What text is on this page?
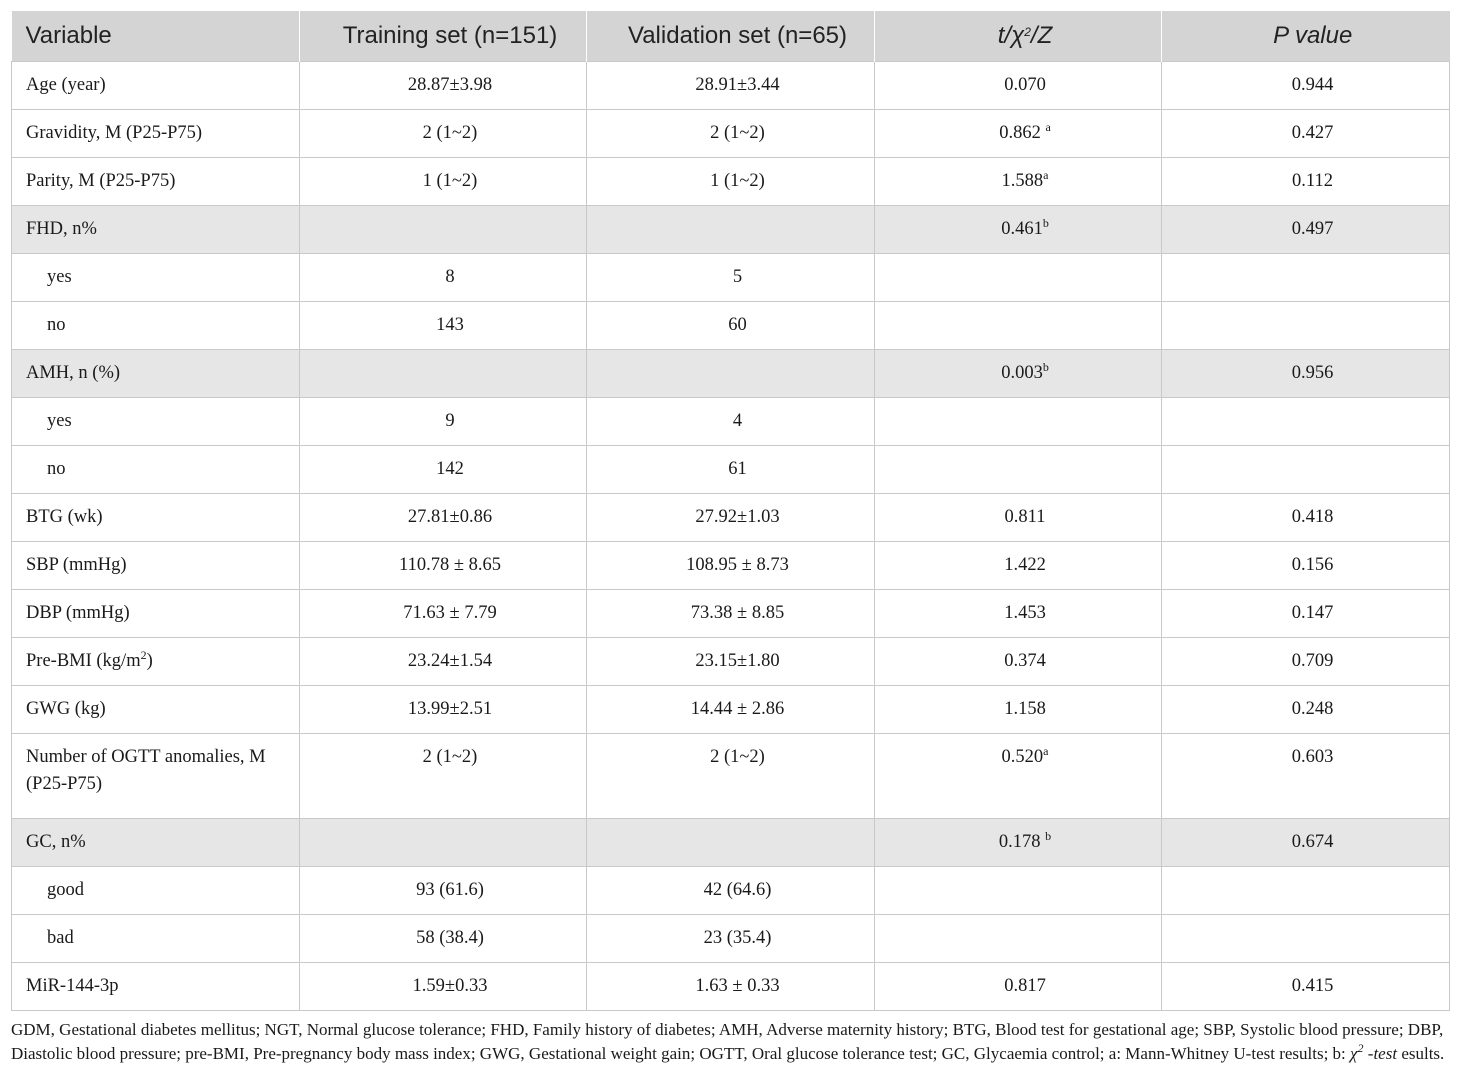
Variable	Training set (n=151)	Validation set (n=65)	$t/\chi^2/Z$	P value
Age (year)	28.87±3.98	28.91±3.44	0.070	0.944
Gravidity, M (P25-P75)	2 (1~2)	2 (1~2)	0.862 $^a$	0.427
Parity, M (P25-P75)	1 (1~2)	1 (1~2)	1.588$^a$	0.112
FHD, n%			0.461$^b$	0.497
yes	8	5		
no	143	60		
AMH, n (%)			0.003$^b$	0.956
yes	9	4		
no	142	61		
BTG (wk)	27.81±0.86	27.92±1.03	0.811	0.418
SBP (mmHg)	110.78 ± 8.65	108.95 ± 8.73	1.422	0.156
DBP (mmHg)	71.63 ± 7.79	73.38 ± 8.85	1.453	0.147
Pre-BMI $(kg/m^2)$	23.24±1.54	23.15±1.80	0.374	0.709
GWG (kg)	13.99±2.51	14.44 ± 2.86	1.158	0.248
Number of OGTT anomalies, M (P25-P75)	2 (1~2)	2 (1~2)	0.520$^a$	0.603
GC, n%			0.178 $^b$	0.674
good	93 (61.6)	42 (64.6)		
bad	58 (38.4)	23 (35.4)		
MiR-144-3p	1.59±0.33	1.63 ± 0.33	0.817	0.415
GDM, Gestational diabetes mellitus; NGT, Normal glucose tolerance; FHD, Family history of diabetes; AMH, Adverse maternity history; BTG, Blood test for gestational age; SBP, Systolic blood pressure; DBP, Diastolic blood pressure; pre-BMI, Pre-pregnancy body mass index; GWG, Gestational weight gain; OGTT, Oral glucose tolerance test; GC, Glycaemia control; a: Mann-Whitney U-test results; b: $\chi^2$ -test esults.
